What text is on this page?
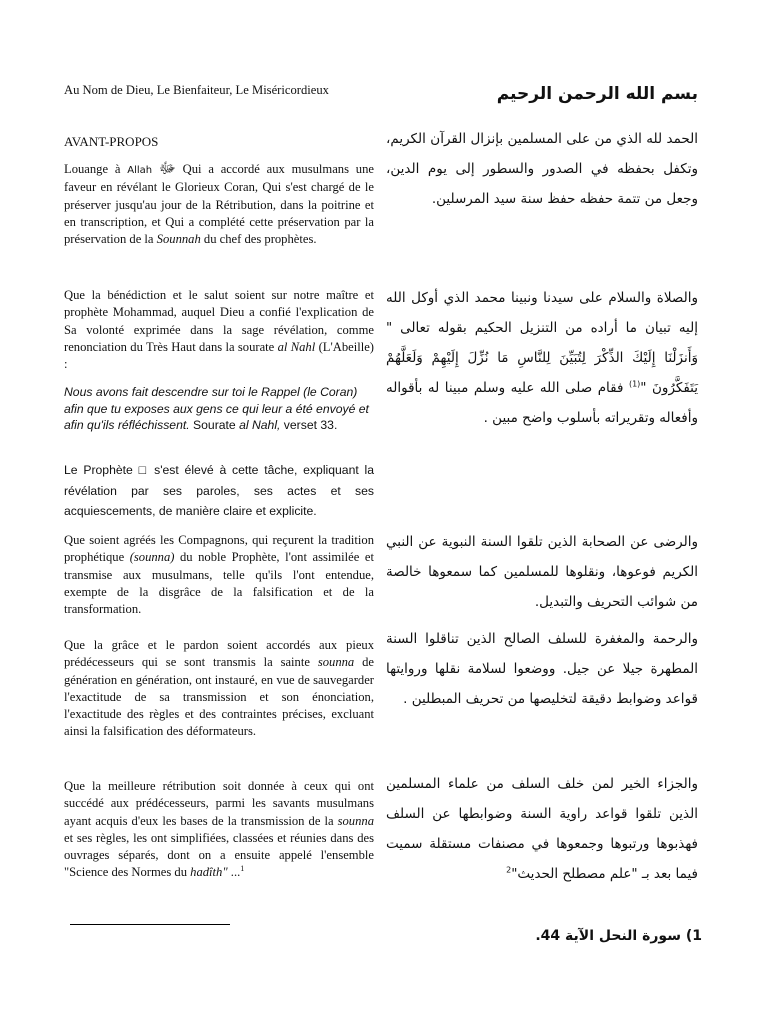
Au Nom de Dieu, Le Bienfaiteur, Le Miséricordieux
AVANT-PROPOS
Louange à Allah ﷻ Qui a accordé aux musulmans une faveur en révélant le Glorieux Coran, Qui s'est chargé de le préserver jusqu'au jour de la Rétribution, dans la poitrine et en transcription, et Qui a complété cette préservation par la préservation de la Sounnah du chef des prophètes.
Que la bénédiction et le salut soient sur notre maître et prophète Mohammad, auquel Dieu a confié l'explication de Sa volonté exprimée dans la sage révélation, comme renonciation du Très Haut dans la sourate al Nahl (L'Abeille) :
Nous avons fait descendre sur toi le Rappel (le Coran) afin que tu exposes aux gens ce qui leur a été envoyé et afin qu'ils réfléchissent. Sourate al Nahl, verset 33.
Le Prophète □ s'est élevé à cette tâche, expliquant la révélation par ses paroles, ses actes et ses acquiescements, de manière claire et explicite.
Que soient agréés les Compagnons, qui reçurent la tradition prophétique (sounna) du noble Prophète, l'ont assimilée et transmise aux musulmans, telle qu'ils l'ont entendue, exempte de la disgrâce de la falsification et de la transformation.
Que la grâce et le pardon soient accordés aux pieux prédécesseurs qui se sont transmis la sainte sounna de génération en génération, ont instauré, en vue de sauvegarder l'exactitude de sa transmission et son énonciation, l'exactitude des règles et des contraintes précises, excluant ainsi la falsification des déformateurs.
Que la meilleure rétribution soit donnée à ceux qui ont succédé aux prédécesseurs, parmi les savants musulmans ayant acquis d'eux les bases de la transmission de la sounna et ses règles, les ont simplifiées, classées et réunies dans des ouvrages séparés, dont on a ensuite appelé l'ensemble "Science des Normes du hadîth" ...$^1$
بسم الله الرحمن الرحيم
الحمد لله الذي من على المسلمين بإنزال القرآن الكريم، وتكفل بحفظه في الصدور والسطور إلى يوم الدين، وجعل من تتمة حفظه حفظ سنة سيد المرسلين.
والصلاة والسلام على سيدنا ونبينا محمد الذي أوكل الله إليه تبيان ما أراده من التنزيل الحكيم بقوله تعالى " وَأَنزَلْنَا إِلَيْكَ الذِّكْرَ لِتُبَيِّنَ لِلنَّاسِ مَا نُزِّلَ إِلَيْهِمْ وَلَعَلَّهُمْ يَتَفَكَّرُونَ "$^{(1)}$ فقام صلى الله عليه وسلم مبينا له بأقواله وأفعاله وتقريراته بأسلوب واضح مبين .
والرضى عن الصحابة الذين تلقوا السنة النبوية عن النبي الكريم فوعوها، ونقلوها للمسلمين كما سمعوها خالصة من شوائب التحريف والتبديل.
والرحمة والمغفرة للسلف الصالح الذين تناقلوا السنة المطهرة جيلا عن جيل. ووضعوا لسلامة نقلها وروايتها قواعد وضوابط دقيقة لتخليصها من تحريف المبطلين .
والجزاء الخير لمن خلف السلف من علماء المسلمين الذين تلقوا قواعد راوية السنة وضوابطها عن السلف فهذبوها ورتبوها وجمعوها في مصنفات مستقلة سميت فيما بعد بـ "علم مصطلح الحديث"$^2$
1) سورة النحل الآية 44.
